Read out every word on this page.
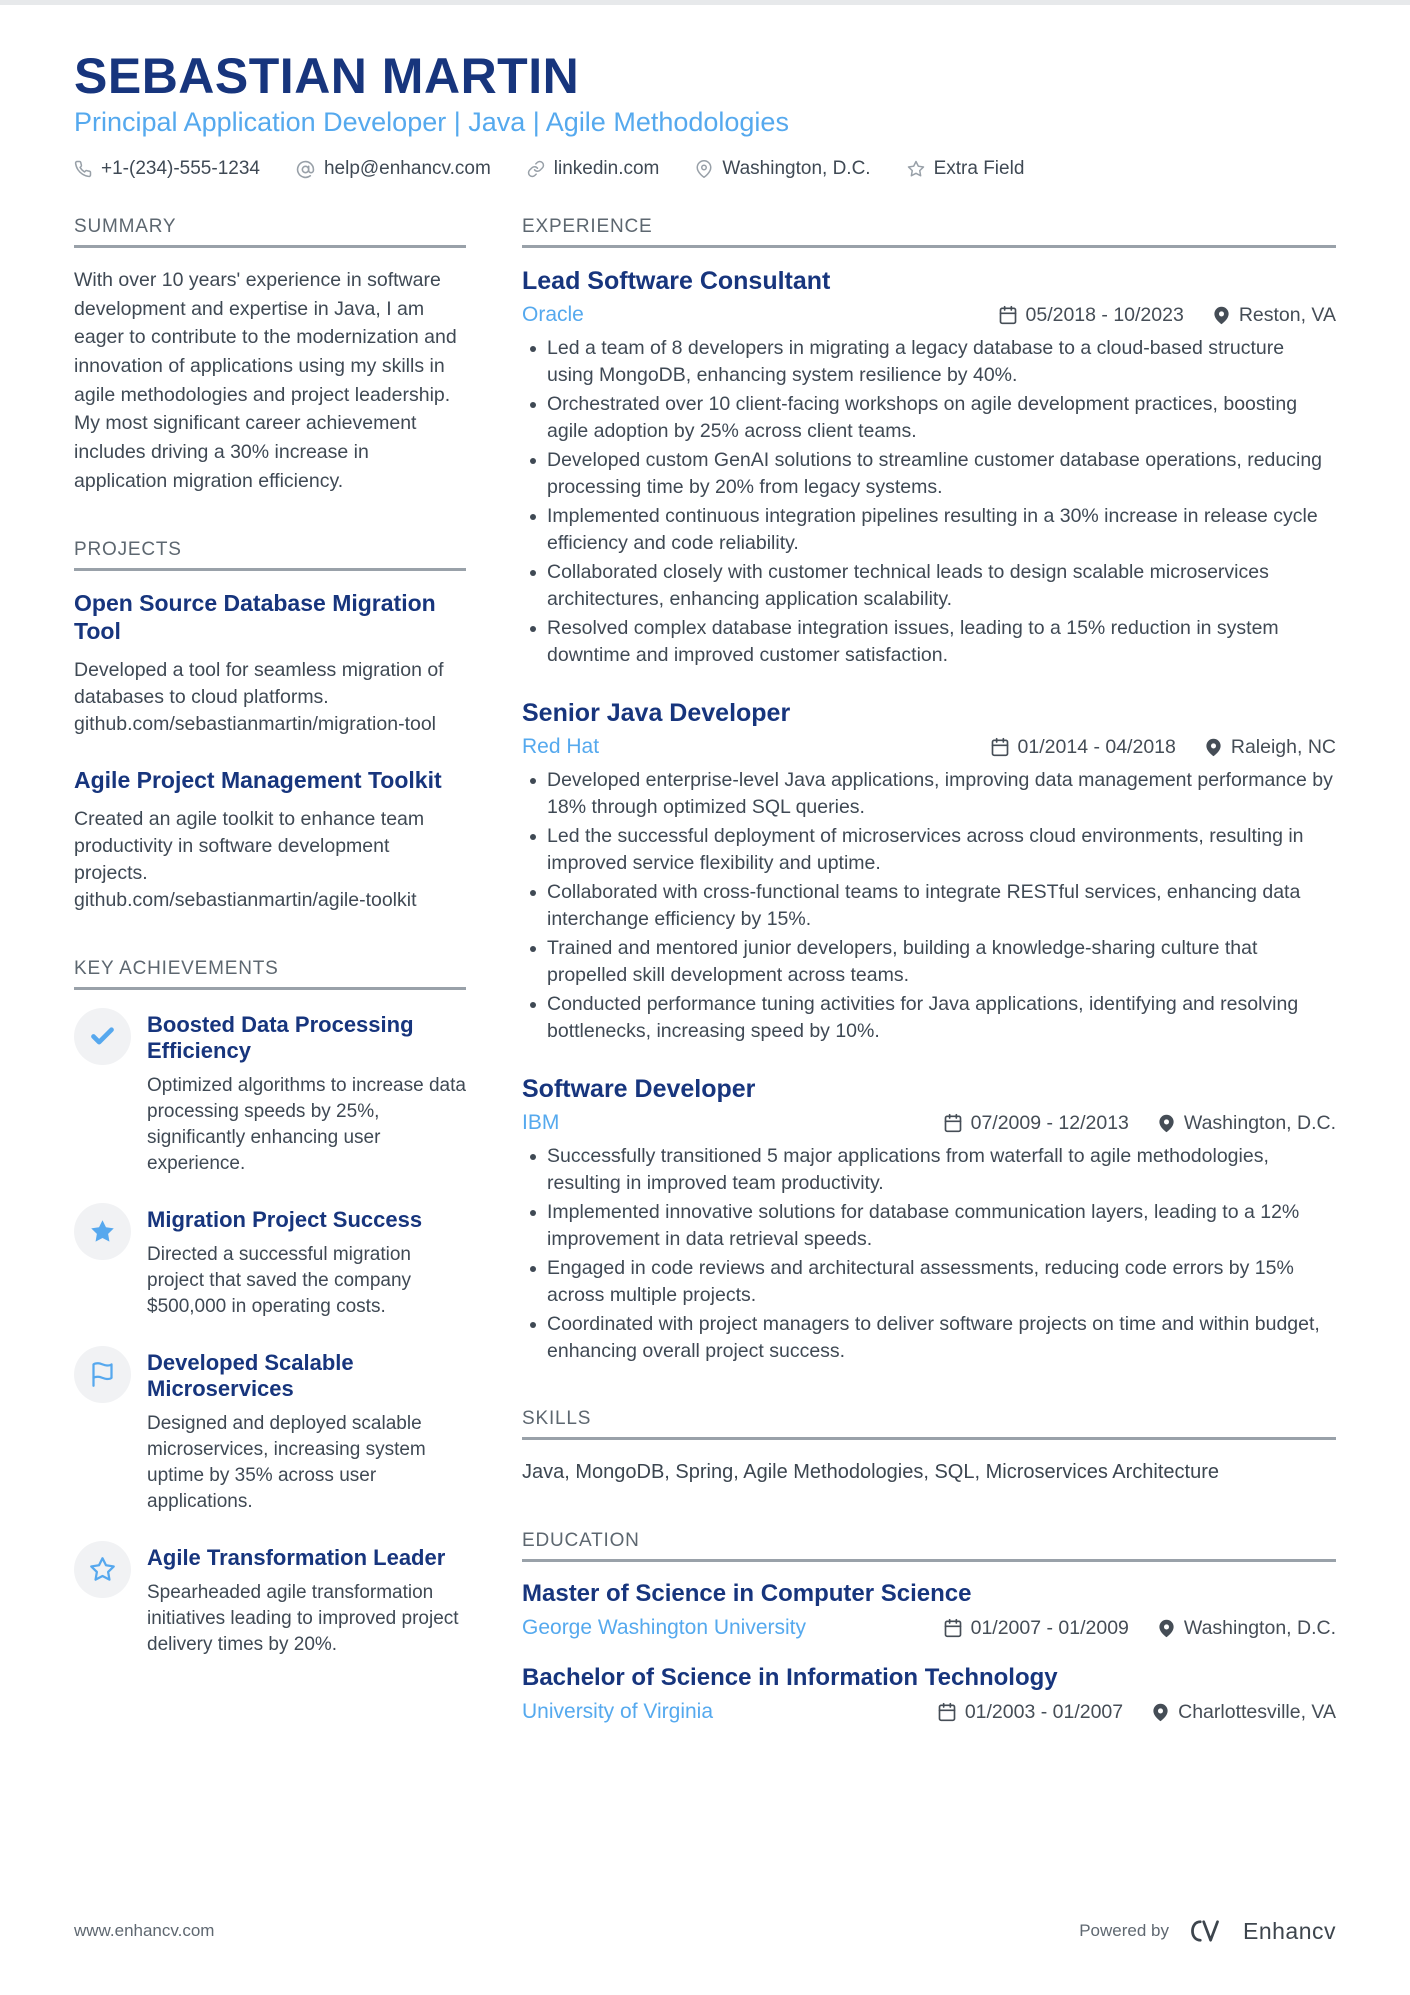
SEBASTIAN MARTIN
Principal Application Developer | Java | Agile Methodologies
+1-(234)-555-1234	help@enhancv.com	linkedin.com	Washington, D.C.	Extra Field
SUMMARY

With over 10 years' experience in software development and expertise in Java, I am eager to contribute to the modernization and innovation of applications using my skills in agile methodologies and project leadership. My most significant career achievement includes driving a 30% increase in application migration efficiency.

PROJECTS
Open Source Database Migration Tool
Developed a tool for seamless migration of databases to cloud platforms.
github.com/sebastianmartin/migration-tool
Agile Project Management Toolkit
Created an agile toolkit to enhance team productivity in software development projects.
github.com/sebastianmartin/agile-toolkit
KEY ACHIEVEMENTS
Boosted Data Processing Efficiency
Optimized algorithms to increase data processing speeds by 25%, significantly enhancing user experience.
Migration Project Success
Directed a successful migration project that saved the company $500,000 in operating costs.
Developed Scalable Microservices
Designed and deployed scalable microservices, increasing system uptime by 35% across user applications.
Agile Transformation Leader
Spearheaded agile transformation initiatives leading to improved project delivery times by 20%.
EXPERIENCE
Lead Software Consultant
Oracle	05/2018 - 10/2023	Reston, VA
Led a team of 8 developers in migrating a legacy database to a cloud-based structure using MongoDB, enhancing system resilience by 40%.
Orchestrated over 10 client-facing workshops on agile development practices, boosting agile adoption by 25% across client teams.
Developed custom GenAI solutions to streamline customer database operations, reducing processing time by 20% from legacy systems.
Implemented continuous integration pipelines resulting in a 30% increase in release cycle efficiency and code reliability.
Collaborated closely with customer technical leads to design scalable microservices architectures, enhancing application scalability.
Resolved complex database integration issues, leading to a 15% reduction in system downtime and improved customer satisfaction.
Senior Java Developer
Red Hat	01/2014 - 04/2018	Raleigh, NC
Developed enterprise-level Java applications, improving data management performance by 18% through optimized SQL queries.
Led the successful deployment of microservices across cloud environments, resulting in improved service flexibility and uptime.
Collaborated with cross-functional teams to integrate RESTful services, enhancing data interchange efficiency by 15%.
Trained and mentored junior developers, building a knowledge-sharing culture that propelled skill development across teams.
Conducted performance tuning activities for Java applications, identifying and resolving bottlenecks, increasing speed by 10%.
Software Developer
IBM	07/2009 - 12/2013	Washington, D.C.
Successfully transitioned 5 major applications from waterfall to agile methodologies, resulting in improved team productivity.
Implemented innovative solutions for database communication layers, leading to a 12% improvement in data retrieval speeds.
Engaged in code reviews and architectural assessments, reducing code errors by 15% across multiple projects.
Coordinated with project managers to deliver software projects on time and within budget, enhancing overall project success.
SKILLS

Java, MongoDB, Spring, Agile Methodologies, SQL, Microservices Architecture

EDUCATION
Master of Science in Computer Science
George Washington University	01/2007 - 01/2009	Washington, D.C.
Bachelor of Science in Information Technology
University of Virginia	01/2003 - 01/2007	Charlottesville, VA
www.enhancv.com	Powered by	Enhancv
